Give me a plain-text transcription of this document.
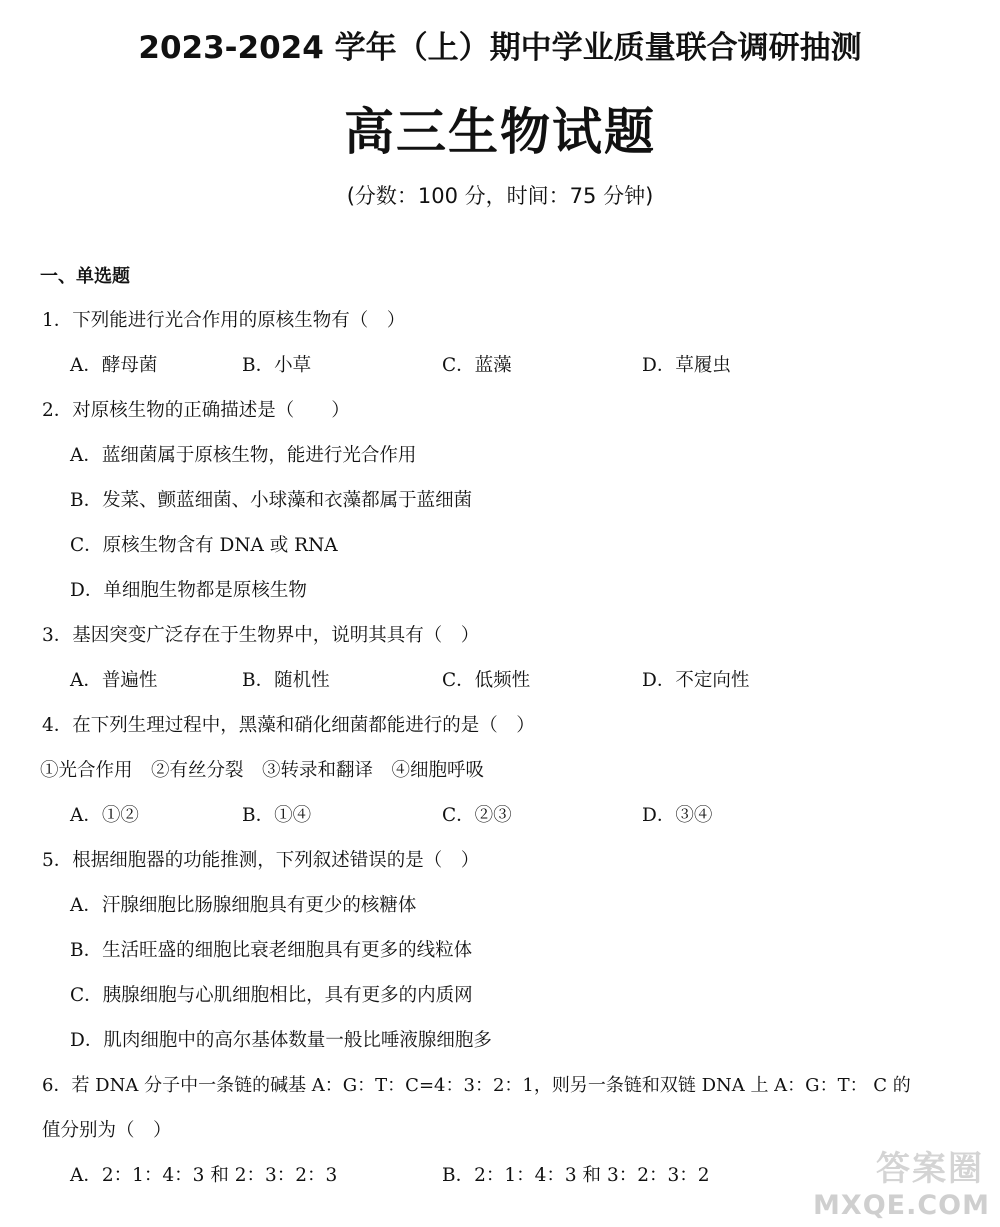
2023-2024 学年（上）期中学业质量联合调研抽测
高三生物试题
(分数：100 分，时间：75 分钟)
一、单选题
1．下列能进行光合作用的原核生物有（　）
A．酵母菌	B．小草	C．蓝藻	D．草履虫
2．对原核生物的正确描述是（　　）
A．蓝细菌属于原核生物，能进行光合作用
B．发菜、颤蓝细菌、小球藻和衣藻都属于蓝细菌
C．原核生物含有 DNA 或 RNA
D．单细胞生物都是原核生物
3．基因突变广泛存在于生物界中，说明其具有（　）
A．普遍性	B．随机性	C．低频性	D．不定向性
4．在下列生理过程中，黑藻和硝化细菌都能进行的是（　）
①光合作用　②有丝分裂　③转录和翻译　④细胞呼吸
A．①②	B．①④	C．②③	D．③④
5．根据细胞器的功能推测，下列叙述错误的是（　）
A．汗腺细胞比肠腺细胞具有更少的核糖体
B．生活旺盛的细胞比衰老细胞具有更多的线粒体
C．胰腺细胞与心肌细胞相比，具有更多的内质网
D．肌肉细胞中的高尔基体数量一般比唾液腺细胞多
6．若 DNA 分子中一条链的碱基 A：G：T：C=4：3：2：1，则另一条链和双链 DNA 上 A：G：T： C 的
值分别为（　）
A．2：1：4：3 和 2：3：2：3	B．2：1：4：3 和 3：2：3：2	答案圈
MXQE.COM
